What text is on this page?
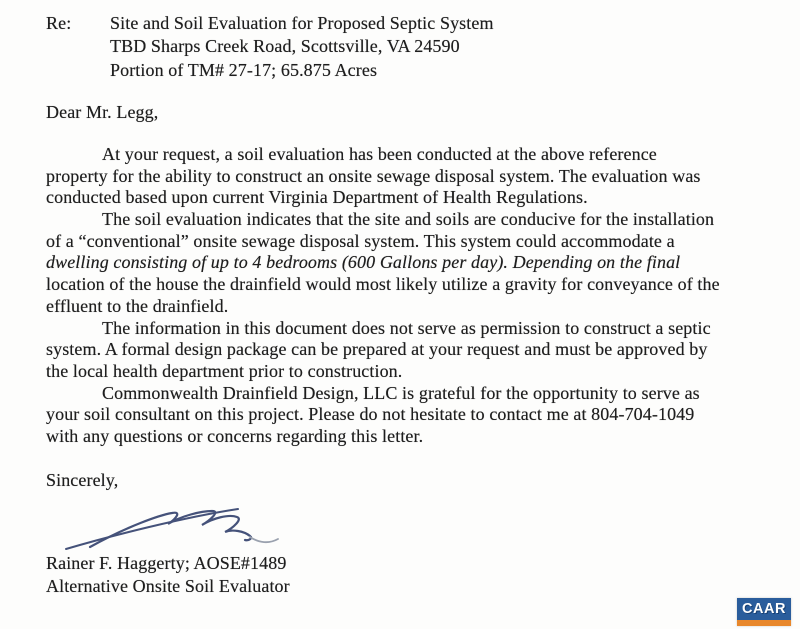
Re:	Site and Soil Evaluation for Proposed Septic System
TBD Sharps Creek Road, Scottsville, VA 24590
Portion of TM# 27-17; 65.875 Acres
Dear Mr. Legg,
At your request, a soil evaluation has been conducted at the above reference
property for the ability to construct an onsite sewage disposal system. The evaluation was
conducted based upon current Virginia Department of Health Regulations.
The soil evaluation indicates that the site and soils are conducive for the installation
of a “conventional” onsite sewage disposal system. This system could accommodate a
dwelling consisting of up to 4 bedrooms (600 Gallons per day). Depending on the final
location of the house the drainfield would most likely utilize a gravity for conveyance of the
effluent to the drainfield.
The information in this document does not serve as permission to construct a septic
system. A formal design package can be prepared at your request and must be approved by
the local health department prior to construction.
Commonwealth Drainfield Design, LLC is grateful for the opportunity to serve as
your soil consultant on this project. Please do not hesitate to contact me at 804-704-1049
with any questions or concerns regarding this letter.
Sincerely,
Rainer F. Haggerty; AOSE#1489
Alternative Onsite Soil Evaluator
CAAR
